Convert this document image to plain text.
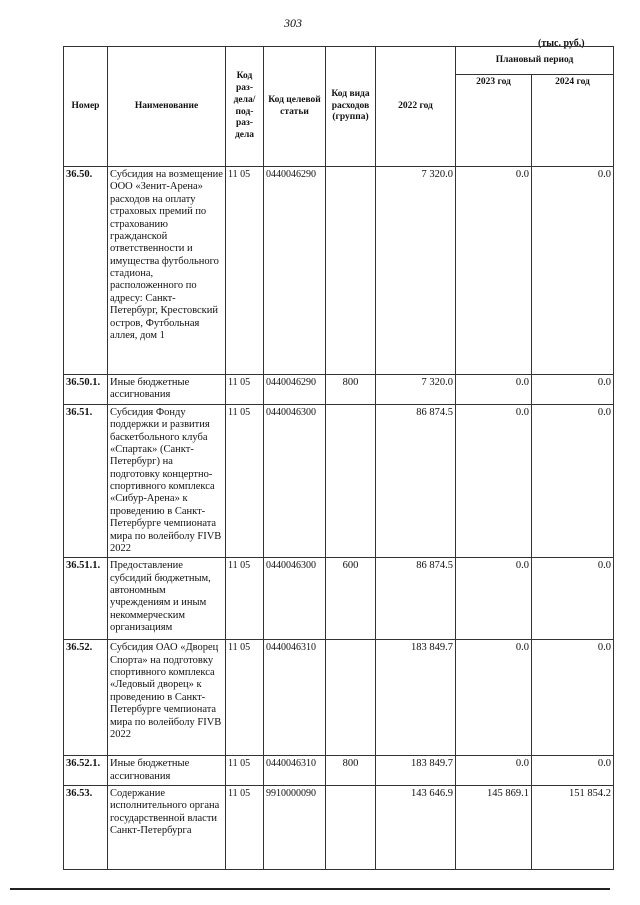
303
(тыс. руб.)
Номер	Наименование	Код раз- дела/ под- раз- дела	Код целевой статьи	Код вида расходов (группа)	2022 год	Плановый период	
						2023 год	2024 год
36.50.	Субсидия на возмещение ООО «Зенит-Арена» расходов на оплату страховых премий по страхованию гражданской ответственности и имущества футбольного стадиона, расположенного по адресу: Санкт-Петербург, Крестовский остров, Футбольная аллея, дом 1	11 05	0440046290		7 320.0	0.0	0.0
36.50.1.	Иные бюджетные ассигнования	11 05	0440046290	800	7 320.0	0.0	0.0
36.51.	Субсидия Фонду поддержки и развития баскетбольного клуба «Спартак» (Санкт-Петербург) на подготовку концертно-спортивного комплекса «Сибур-Арена» к проведению в Санкт-Петербурге чемпионата мира по волейболу FIVB 2022	11 05	0440046300		86 874.5	0.0	0.0
36.51.1.	Предоставление субсидий бюджетным, автономным учреждениям и иным некоммерческим организациям	11 05	0440046300	600	86 874.5	0.0	0.0
36.52.	Субсидия ОАО «Дворец Спорта» на подготовку спортивного комплекса «Ледовый дворец» к проведению в Санкт-Петербурге чемпионата мира по волейболу FIVB 2022	11 05	0440046310		183 849.7	0.0	0.0
36.52.1.	Иные бюджетные ассигнования	11 05	0440046310	800	183 849.7	0.0	0.0
36.53.	Содержание исполнительного органа государственной власти Санкт-Петербурга	11 05	9910000090		143 646.9	145 869.1	151 854.2
